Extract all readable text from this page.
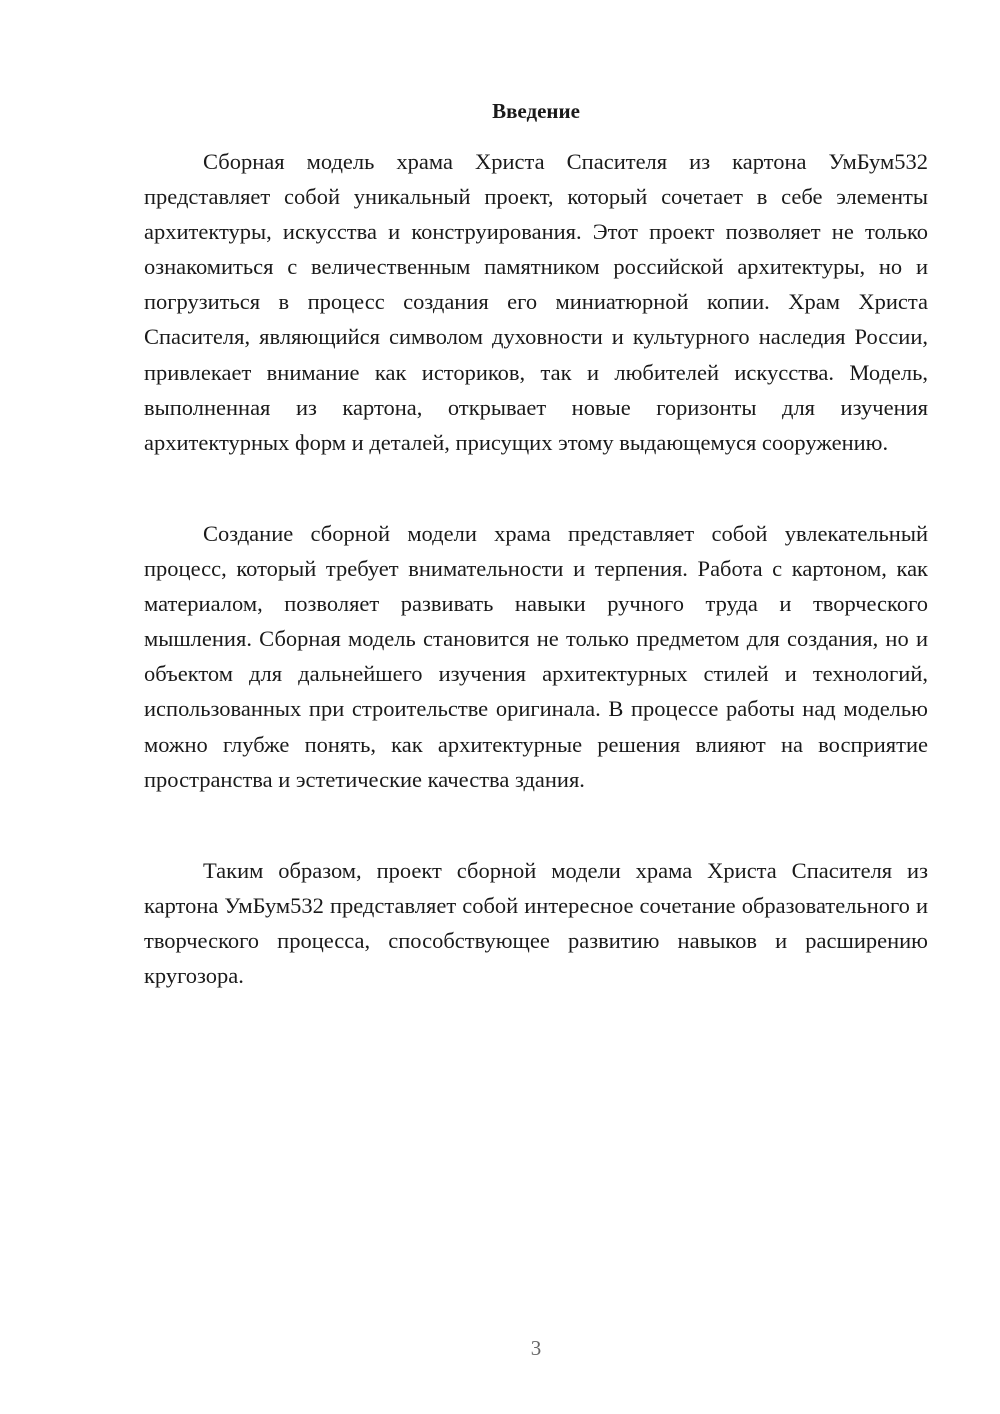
Введение

Сборная модель храма Христа Спасителя из картона УмБум532 представляет собой уникальный проект, который сочетает в себе элементы архитектуры, искусства и конструирования. Этот проект позволяет не только ознакомиться с величественным памятником российской архитектуры, но и погрузиться в процесс создания его миниатюрной копии. Храм Христа Спасителя, являющийся символом духовности и культурного наследия России, привлекает внимание как историков, так и любителей искусства. Модель, выполненная из картона, открывает новые горизонты для изучения архитектурных форм и деталей, присущих этому выдающемуся сооружению.

Создание сборной модели храма представляет собой увлекательный процесс, который требует внимательности и терпения. Работа с картоном, как материалом, позволяет развивать навыки ручного труда и творческого мышления. Сборная модель становится не только предметом для создания, но и объектом для дальнейшего изучения архитектурных стилей и технологий, использованных при строительстве оригинала. В процессе работы над моделью можно глубже понять, как архитектурные решения влияют на восприятие пространства и эстетические качества здания.

Таким образом, проект сборной модели храма Христа Спасителя из картона УмБум532 представляет собой интересное сочетание образовательного и творческого процесса, способствующее развитию навыков и расширению кругозора.

3
